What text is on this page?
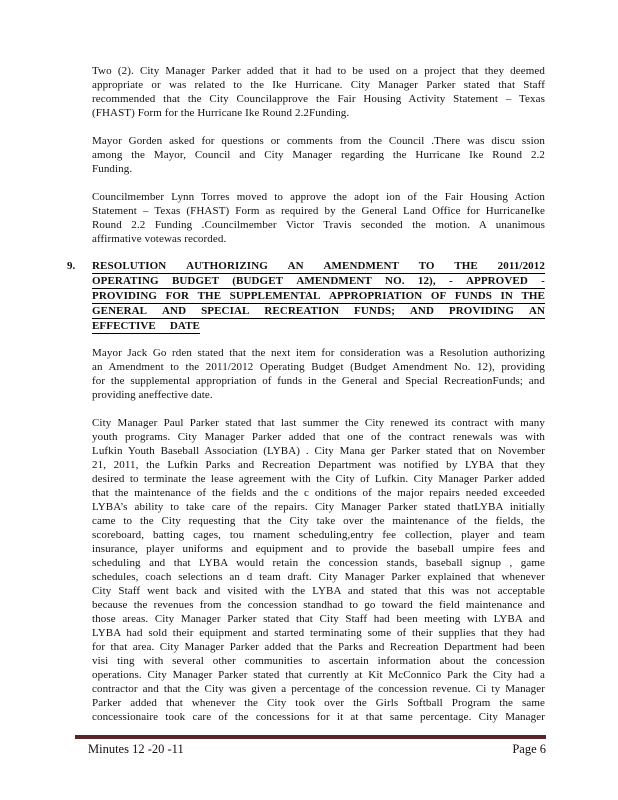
Two (2). City Manager Parker added that it had to be used on a project that they deemed
appropriate or was related to the Ike Hurricane. City Manager Parker stated that Staff
recommended that the City Councilapprove the Fair Housing Activity Statement – Texas
(FHAST) Form for the Hurricane Ike Round 2.2Funding.
Mayor Gorden asked for questions or comments from the Council .There was discu ssion
among the Mayor, Council and City Manager regarding the Hurricane Ike Round 2.2
Funding.
Councilmember Lynn Torres moved to approve the adopt ion of the Fair Housing Action
Statement – Texas (FHAST) Form as required by the General Land Office for HurricaneIke
Round 2.2 Funding .Councilmember Victor Travis seconded the motion. A unanimous
affirmative votewas recorded.
9. RESOLUTION AUTHORIZING AN AMENDMENT TO THE 2011/2012
OPERATING BUDGET (BUDGET AMENDMENT NO. 12), - APPROVED -
PROVIDING FOR THE SUPPLEMENTAL APPROPRIATION OF FUNDS IN THE
GENERAL AND SPECIAL RECREATION FUNDS; AND PROVIDING AN
EFFECTIVE DATE
Mayor Jack Go rden stated that the next item for consideration was a Resolution authorizing
an Amendment to the 2011/2012 Operating Budget (Budget Amendment No. 12), providing
for the supplemental appropriation of funds in the General and Special RecreationFunds; and
providing aneffective date.
City Manager Paul Parker stated that last summer the City renewed its contract with many
youth programs. City Manager Parker added that one of the contract renewals was with
Lufkin Youth Baseball Association (LYBA) . City Mana ger Parker stated that on November
21, 2011, the Lufkin Parks and Recreation Department was notified by LYBA that they
desired to terminate the lease agreement with the City of Lufkin. City Manager Parker added
that the maintenance of the fields and the c onditions of the major repairs needed exceeded
LYBA’s ability to take care of the repairs. City Manager Parker stated thatLYBA initially
came to the City requesting that the City take over the maintenance of the fields, the
scoreboard, batting cages, tou rnament scheduling,entry fee collection, player and team
insurance, player uniforms and equipment and to provide the baseball umpire fees and
scheduling and that LYBA would retain the concession stands, baseball signup , game
schedules, coach selections an d team draft. City Manager Parker explained that whenever
City Staff went back and visited with the LYBA and stated that this was not acceptable
because the revenues from the concession standhad to go toward the field maintenance and
those areas. City Manager Parker stated that City Staff had been meeting with LYBA and
LYBA had sold their equipment and started terminating some of their supplies that they had
for that area. City Manager Parker added that the Parks and Recreation Department had been
visi ting with several other communities to ascertain information about the concession
operations. City Manager Parker stated that currently at Kit McConnico Park the City had a
contractor and that the City was given a percentage of the concession revenue. Ci ty Manager
Parker added that whenever the City took over the Girls Softball Program the same
concessionaire took care of the concessions for it at that same percentage. City Manager
Minutes 12 -20 -11	Page 6
